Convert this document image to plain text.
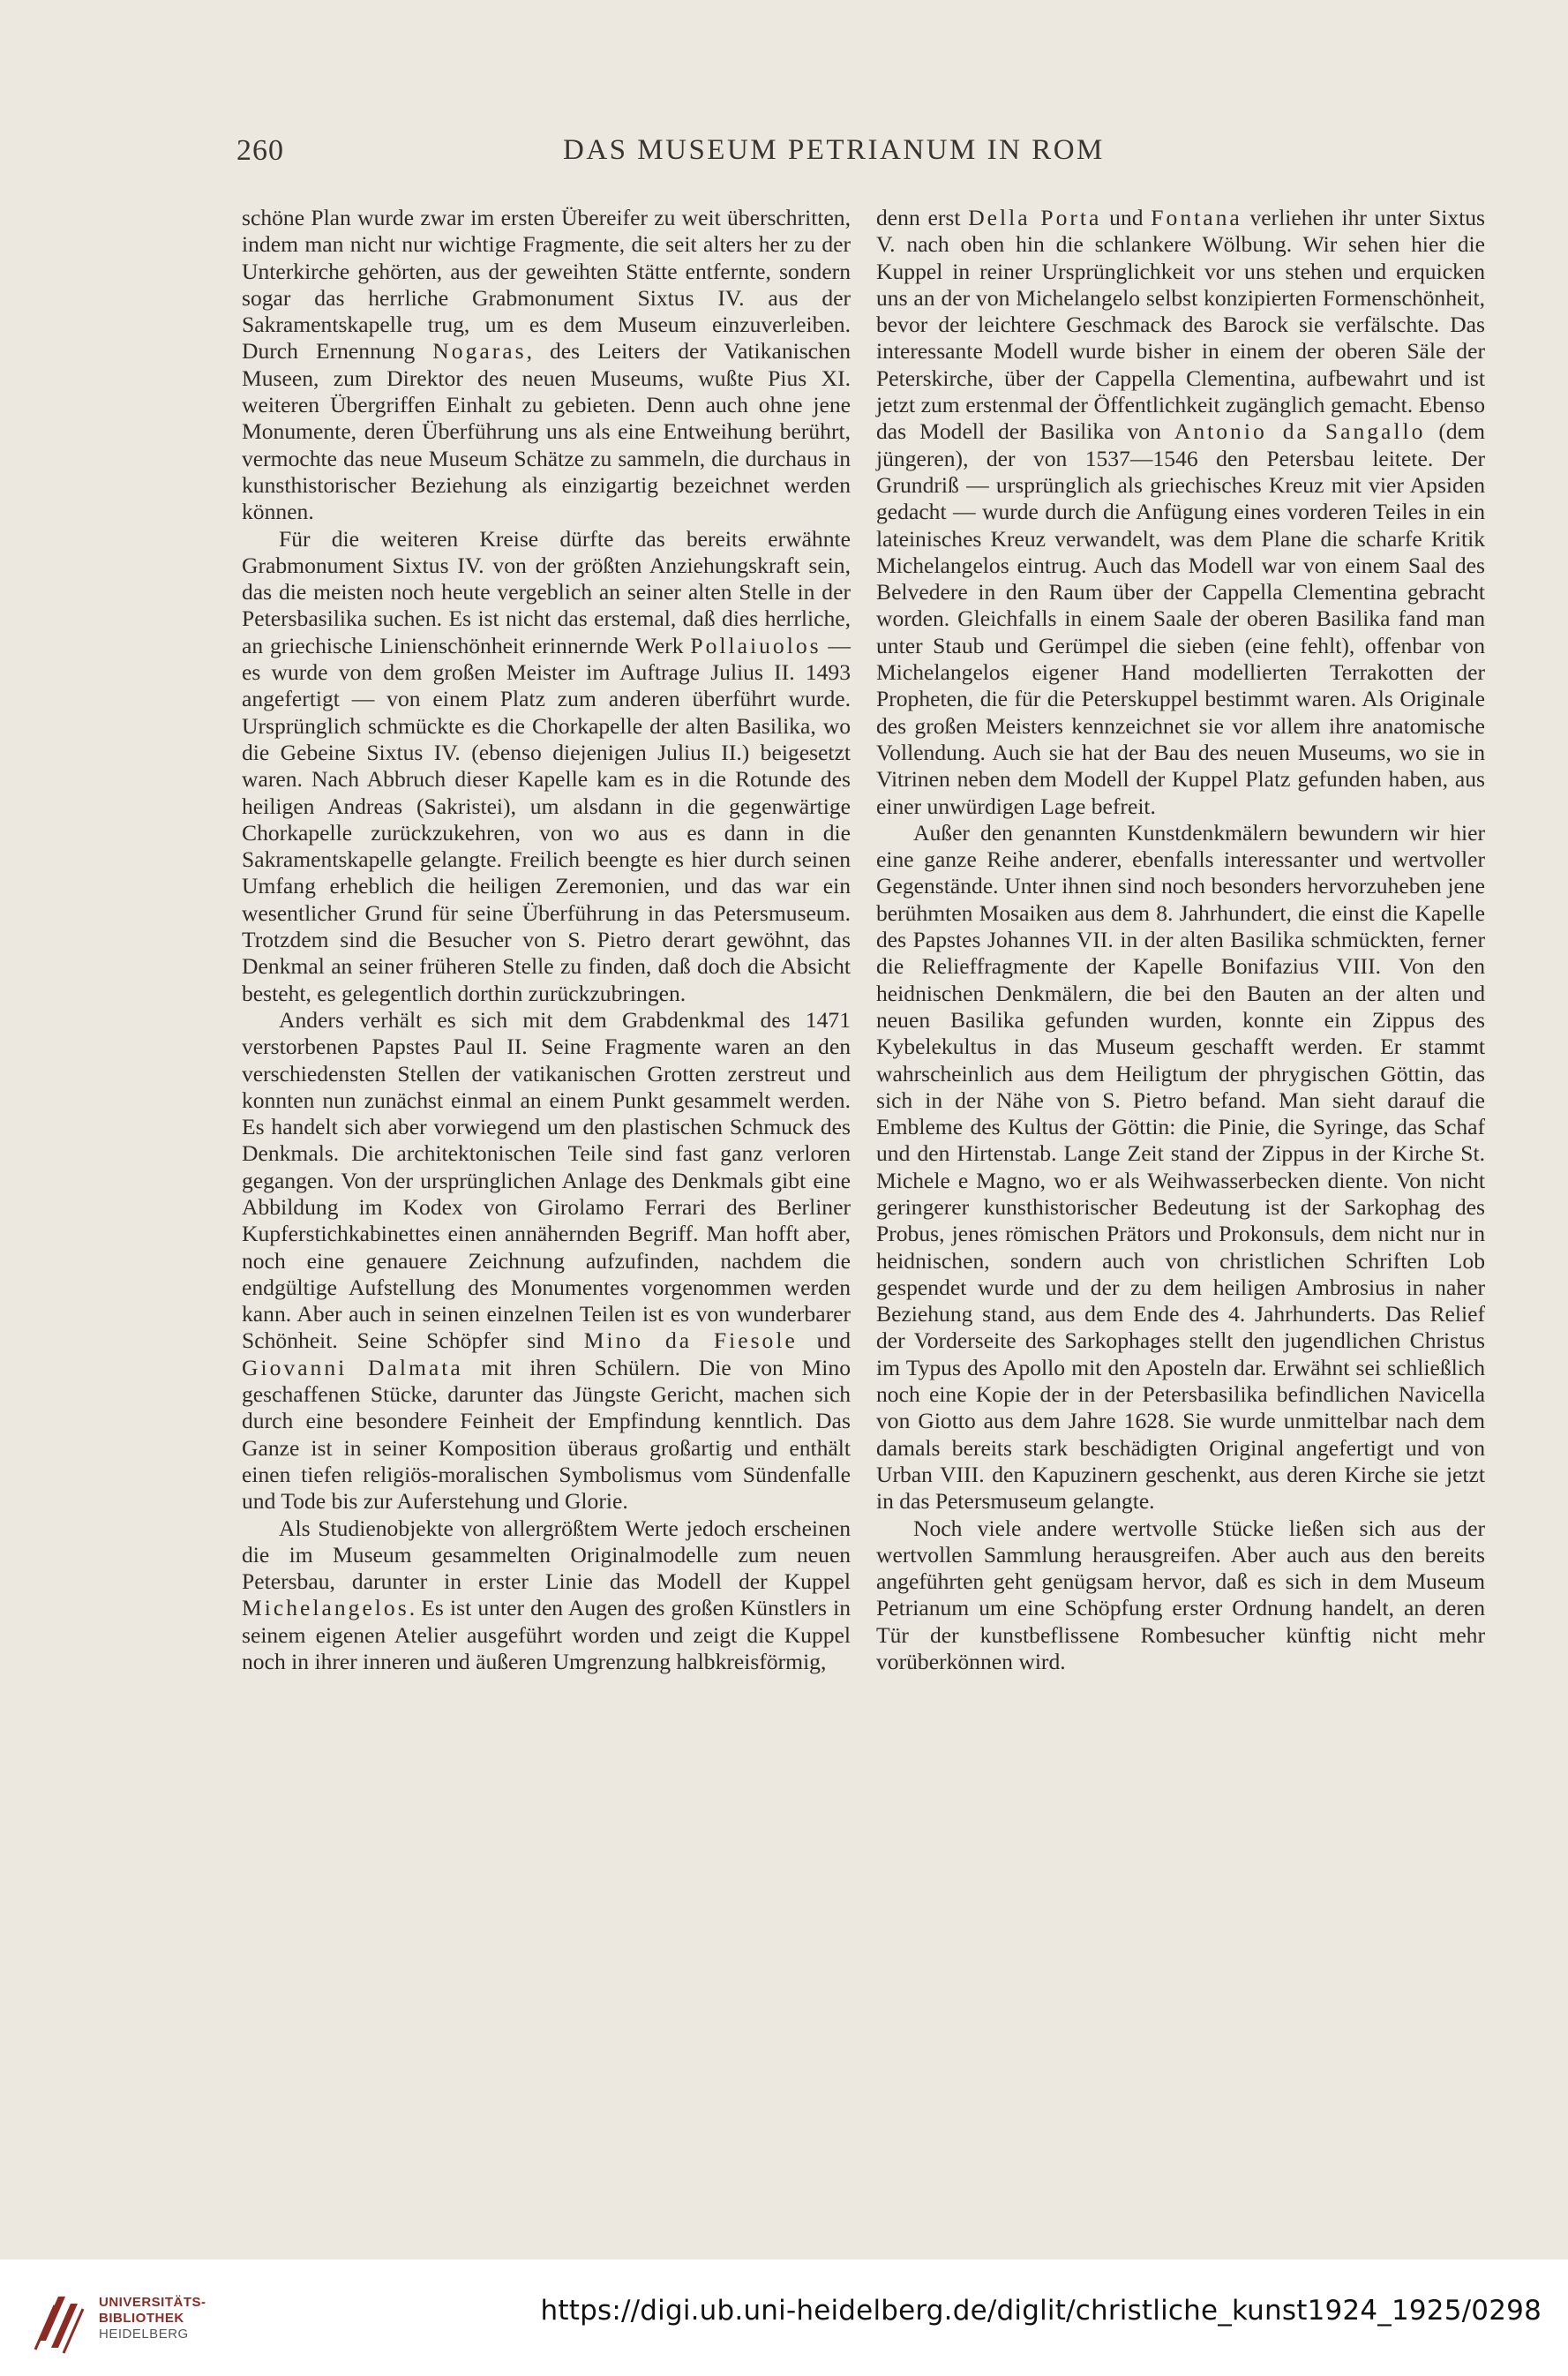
260	DAS MUSEUM PETRIANUM IN ROM

schöne Plan wurde zwar im ersten Übereifer zu weit überschritten, indem man nicht nur wichtige Fragmente, die seit alters her zu der Unterkirche gehörten, aus der geweihten Stätte entfernte, sondern sogar das herrliche Grabmonument Sixtus IV. aus der Sakramentskapelle trug, um es dem Museum einzuverleiben. Durch Ernennung Nogaras, des Leiters der Vatikanischen Museen, zum Direktor des neuen Museums, wußte Pius XI. weiteren Übergriffen Einhalt zu gebieten. Denn auch ohne jene Monumente, deren Überführung uns als eine Entweihung berührt, vermochte das neue Museum Schätze zu sammeln, die durchaus in kunsthistorischer Beziehung als einzigartig bezeichnet werden können.

Für die weiteren Kreise dürfte das bereits erwähnte Grabmonument Sixtus IV. von der größten Anziehungskraft sein, das die meisten noch heute vergeblich an seiner alten Stelle in der Petersbasilika suchen. Es ist nicht das erstemal, daß dies herrliche, an griechische Linienschönheit erinnernde Werk Pollaiuolos — es wurde von dem großen Meister im Auftrage Julius II. 1493 angefertigt — von einem Platz zum anderen überführt wurde. Ursprünglich schmückte es die Chorkapelle der alten Basilika, wo die Gebeine Sixtus IV. (ebenso diejenigen Julius II.) beigesetzt waren. Nach Abbruch dieser Kapelle kam es in die Rotunde des heiligen Andreas (Sakristei), um alsdann in die gegenwärtige Chorkapelle zurückzukehren, von wo aus es dann in die Sakramentskapelle gelangte. Freilich beengte es hier durch seinen Umfang erheblich die heiligen Zeremonien, und das war ein wesentlicher Grund für seine Überführung in das Petersmuseum. Trotzdem sind die Besucher von S. Pietro derart gewöhnt, das Denkmal an seiner früheren Stelle zu finden, daß doch die Absicht besteht, es gelegentlich dorthin zurückzubringen.

Anders verhält es sich mit dem Grabdenkmal des 1471 verstorbenen Papstes Paul II. Seine Fragmente waren an den verschiedensten Stellen der vatikanischen Grotten zerstreut und konnten nun zunächst einmal an einem Punkt gesammelt werden. Es handelt sich aber vorwiegend um den plastischen Schmuck des Denkmals. Die architektonischen Teile sind fast ganz verloren gegangen. Von der ursprünglichen Anlage des Denkmals gibt eine Abbildung im Kodex von Girolamo Ferrari des Berliner Kupferstichkabinettes einen annähernden Begriff. Man hofft aber, noch eine genauere Zeichnung aufzufinden, nachdem die endgültige Aufstellung des Monumentes vorgenommen werden kann. Aber auch in seinen einzelnen Teilen ist es von wunderbarer Schönheit. Seine Schöpfer sind Mino da Fiesole und Giovanni Dalmata mit ihren Schülern. Die von Mino geschaffenen Stücke, darunter das Jüngste Gericht, machen sich durch eine besondere Feinheit der Empfindung kenntlich. Das Ganze ist in seiner Komposition überaus großartig und enthält einen tiefen religiös-moralischen Symbolismus vom Sündenfalle und Tode bis zur Auferstehung und Glorie.

Als Studienobjekte von allergrößtem Werte jedoch erscheinen die im Museum gesammelten Originalmodelle zum neuen Petersbau, darunter in erster Linie das Modell der Kuppel Michelangelos. Es ist unter den Augen des großen Künstlers in seinem eigenen Atelier ausgeführt worden und zeigt die Kuppel noch in ihrer inneren und äußeren Umgrenzung halbkreisförmig,

denn erst Della Porta und Fontana verliehen ihr unter Sixtus V. nach oben hin die schlankere Wölbung. Wir sehen hier die Kuppel in reiner Ursprünglichkeit vor uns stehen und erquicken uns an der von Michelangelo selbst konzipierten Formenschönheit, bevor der leichtere Geschmack des Barock sie verfälschte. Das interessante Modell wurde bisher in einem der oberen Säle der Peterskirche, über der Cappella Clementina, aufbewahrt und ist jetzt zum erstenmal der Öffentlichkeit zugänglich gemacht. Ebenso das Modell der Basilika von Antonio da Sangallo (dem jüngeren), der von 1537—1546 den Petersbau leitete. Der Grundriß — ursprünglich als griechisches Kreuz mit vier Apsiden gedacht — wurde durch die Anfügung eines vorderen Teiles in ein lateinisches Kreuz verwandelt, was dem Plane die scharfe Kritik Michelangelos eintrug. Auch das Modell war von einem Saal des Belvedere in den Raum über der Cappella Clementina gebracht worden. Gleichfalls in einem Saale der oberen Basilika fand man unter Staub und Gerümpel die sieben (eine fehlt), offenbar von Michelangelos eigener Hand modellierten Terrakotten der Propheten, die für die Peterskuppel bestimmt waren. Als Originale des großen Meisters kennzeichnet sie vor allem ihre anatomische Vollendung. Auch sie hat der Bau des neuen Museums, wo sie in Vitrinen neben dem Modell der Kuppel Platz gefunden haben, aus einer unwürdigen Lage befreit.

Außer den genannten Kunstdenkmälern bewundern wir hier eine ganze Reihe anderer, ebenfalls interessanter und wertvoller Gegenstände. Unter ihnen sind noch besonders hervorzuheben jene berühmten Mosaiken aus dem 8. Jahrhundert, die einst die Kapelle des Papstes Johannes VII. in der alten Basilika schmückten, ferner die Relieffragmente der Kapelle Bonifazius VIII. Von den heidnischen Denkmälern, die bei den Bauten an der alten und neuen Basilika gefunden wurden, konnte ein Zippus des Kybelekultus in das Museum geschafft werden. Er stammt wahrscheinlich aus dem Heiligtum der phrygischen Göttin, das sich in der Nähe von S. Pietro befand. Man sieht darauf die Embleme des Kultus der Göttin: die Pinie, die Syringe, das Schaf und den Hirtenstab. Lange Zeit stand der Zippus in der Kirche St. Michele e Magno, wo er als Weihwasserbecken diente. Von nicht geringerer kunsthistorischer Bedeutung ist der Sarkophag des Probus, jenes römischen Prätors und Prokonsuls, dem nicht nur in heidnischen, sondern auch von christlichen Schriften Lob gespendet wurde und der zu dem heiligen Ambrosius in naher Beziehung stand, aus dem Ende des 4. Jahrhunderts. Das Relief der Vorderseite des Sarkophages stellt den jugendlichen Christus im Typus des Apollo mit den Aposteln dar. Erwähnt sei schließlich noch eine Kopie der in der Petersbasilika befindlichen Navicella von Giotto aus dem Jahre 1628. Sie wurde unmittelbar nach dem damals bereits stark beschädigten Original angefertigt und von Urban VIII. den Kapuzinern geschenkt, aus deren Kirche sie jetzt in das Petersmuseum gelangte.

Noch viele andere wertvolle Stücke ließen sich aus der wertvollen Sammlung herausgreifen. Aber auch aus den bereits angeführten geht genügsam hervor, daß es sich in dem Museum Petrianum um eine Schöpfung erster Ordnung handelt, an deren Tür der kunstbeflissene Rombesucher künftig nicht mehr vorüberkönnen wird.

UNIVERSITÄTS-
BIBLIOTHEK
HEIDELBERG
https://digi.ub.uni-heidelberg.de/diglit/christliche_kunst1924_1925/0298
